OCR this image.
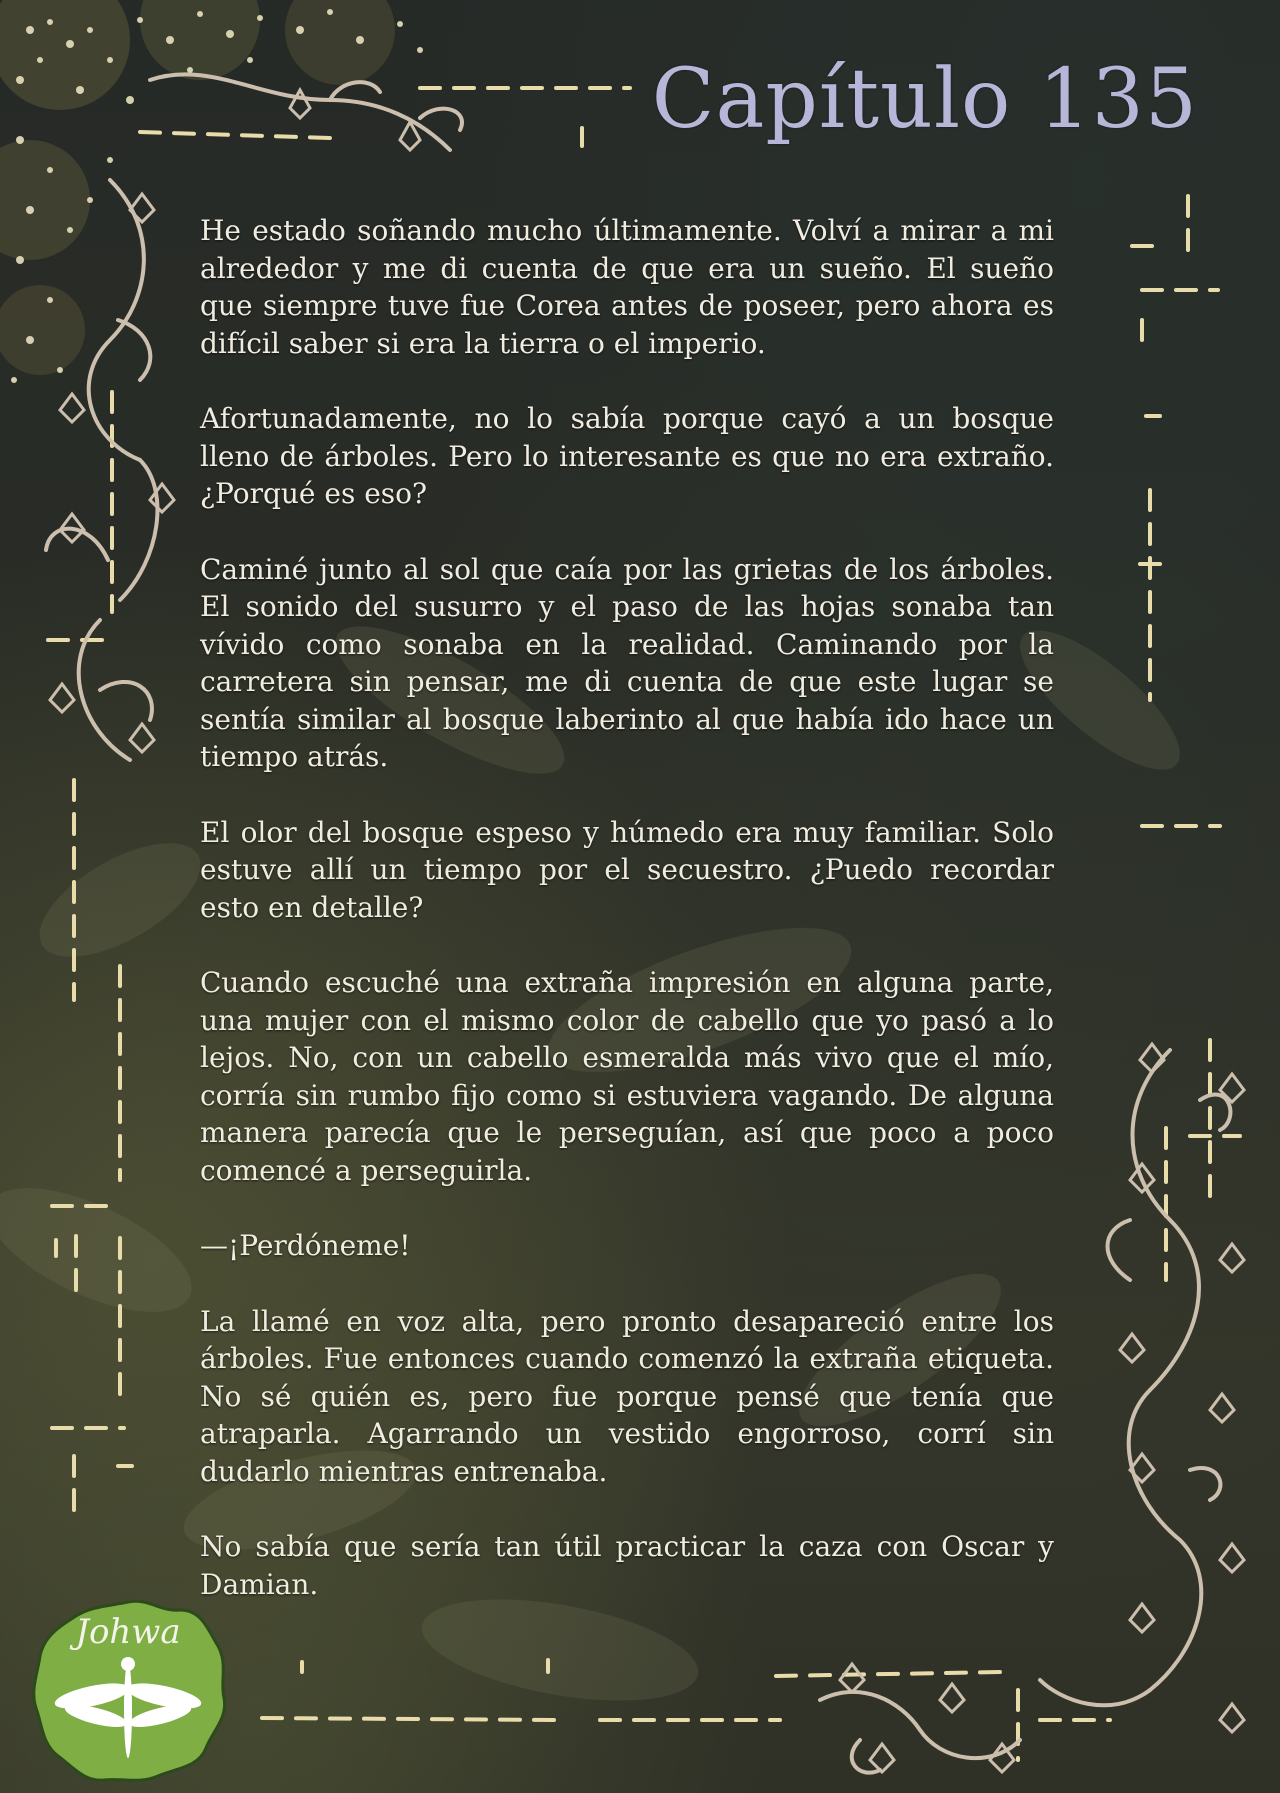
Capítulo 135

He estado soñando mucho últimamente. Volví a mirar a mi alrededor y me di cuenta de que era un sueño. El sueño que siempre tuve fue Corea antes de poseer, pero ahora es difícil saber si era la tierra o el imperio.

Afortunadamente, no lo sabía porque cayó a un bosque lleno de árboles. Pero lo interesante es que no era extraño. ¿Porqué es eso?

Caminé junto al sol que caía por las grietas de los árboles. El sonido del susurro y el paso de las hojas sonaba tan vívido como sonaba en la realidad. Caminando por la carretera sin pensar, me di cuenta de que este lugar se sentía similar al bosque laberinto al que había ido hace un tiempo atrás.

El olor del bosque espeso y húmedo era muy familiar. Solo estuve allí un tiempo por el secuestro. ¿Puedo recordar esto en detalle?

Cuando escuché una extraña impresión en alguna parte, una mujer con el mismo color de cabello que yo pasó a lo lejos. No, con un cabello esmeralda más vivo que el mío, corría sin rumbo fijo como si estuviera vagando. De alguna manera parecía que le perseguían, así que poco a poco comencé a perseguirla.

—¡Perdóneme!

La llamé en voz alta, pero pronto desapareció entre los árboles. Fue entonces cuando comenzó la extraña etiqueta. No sé quién es, pero fue porque pensé que tenía que atraparla. Agarrando un vestido engorroso, corrí sin dudarlo mientras entrenaba.

No sabía que sería tan útil practicar la caza con Oscar y Damian.

Johwa
